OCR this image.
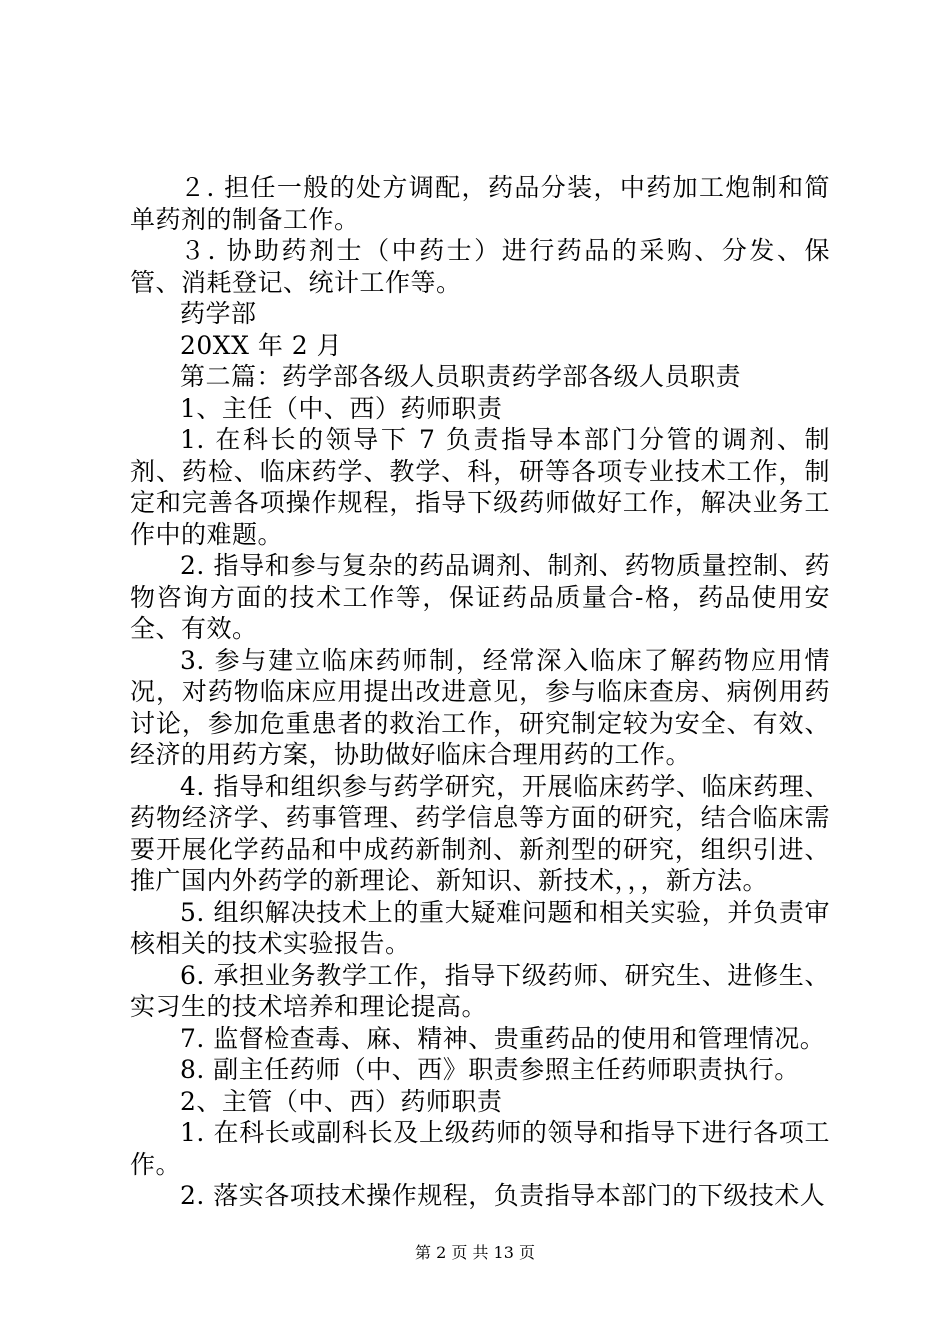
２. 担任一般的处方调配，药品分装，中药加工炮制和简单药剂的制备工作。

３. 协助药剂士（中药士）进行药品的采购、分发、保管、消耗登记、统计工作等。

药学部

20XX 年 2 月

第二篇：药学部各级人员职责药学部各级人员职责

1、主任（中、西）药师职责

1. 在科长的领导下 7 负责指导本部门分管的调剂、制剂、药检、临床药学、教学、科，研等各项专业技术工作，制定和完善各项操作规程，指导下级药师做好工作，解决业务工作中的难题。

2. 指导和参与复杂的药品调剂、制剂、药物质量控制、药物咨询方面的技术工作等，保证药品质量合-格，药品使用安全、有效。

3. 参与建立临床药师制，经常深入临床了解药物应用情况，对药物临床应用提出改进意见，参与临床查房、病例用药讨论，参加危重患者的救治工作，研究制定较为安全、有效、经济的用药方案，协助做好临床合理用药的工作。

4. 指导和组织参与药学研究，开展临床药学、临床药理、药物经济学、药事管理、药学信息等方面的研究，结合临床需要开展化学药品和中成药新制剂、新剂型的研究，组织引进、推广国内外药学的新理论、新知识、新技术，，，新方法。

5. 组织解决技术上的重大疑难问题和相关实验，并负责审核相关的技术实验报告。

6. 承担业务教学工作，指导下级药师、研究生、进修生、实习生的技术培养和理论提高。

7. 监督检查毒、麻、精神、贵重药品的使用和管理情况。

8. 副主任药师（中、西》职责参照主任药师职责执行。

2、主管（中、西）药师职责

1. 在科长或副科长及上级药师的领导和指导下进行各项工作。

2. 落实各项技术操作规程，负责指导本部门的下级技术人

第 2 页 共 13 页
